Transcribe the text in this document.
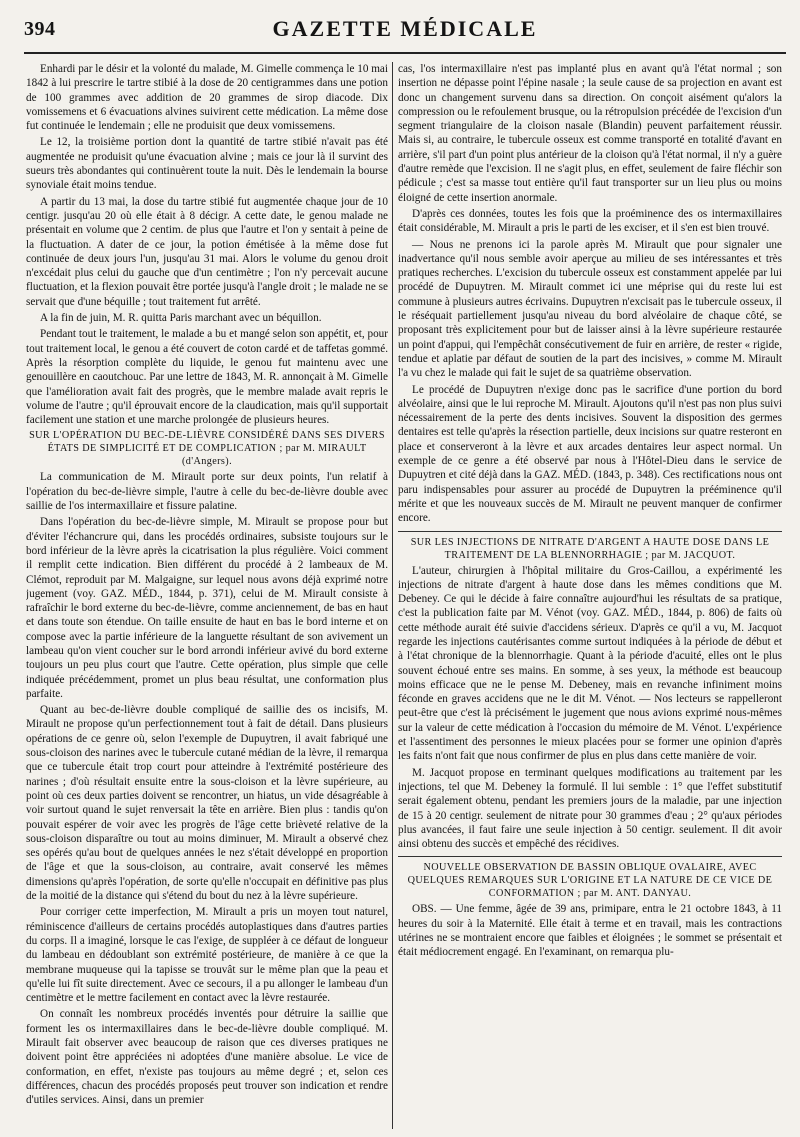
394	GAZETTE MÉDICALE

Enhardi par le désir et la volonté du malade, M. Gimelle commença le 10 mai 1842 à lui prescrire le tartre stibié à la dose de 20 centigrammes dans une potion de 100 grammes avec addition de 20 grammes de sirop diacode. Dix vomissemens et 6 évacuations alvines suivirent cette médication. La même dose fut continuée le lendemain ; elle ne produisit que deux vomissemens.

Le 12, la troisième portion dont la quantité de tartre stibié n'avait pas été augmentée ne produisit qu'une évacuation alvine ; mais ce jour là il survint des sueurs très abondantes qui continuèrent toute la nuit. Dès le lendemain la bourse synoviale était moins tendue.

A partir du 13 mai, la dose du tartre stibié fut augmentée chaque jour de 10 centigr. jusqu'au 20 où elle était à 8 décigr. A cette date, le genou malade ne présentait en volume que 2 centim. de plus que l'autre et l'on y sentait à peine de la fluctuation. A dater de ce jour, la potion émétisée à la même dose fut continuée de deux jours l'un, jusqu'au 31 mai. Alors le volume du genou droit n'excédait plus celui du gauche que d'un centimètre ; l'on n'y percevait aucune fluctuation, et la flexion pouvait être portée jusqu'à l'angle droit ; le malade ne se servait que d'une béquille ; tout traitement fut arrêté.

A la fin de juin, M. R. quitta Paris marchant avec un béquillon.

Pendant tout le traitement, le malade a bu et mangé selon son appétit, et, pour tout traitement local, le genou a été couvert de coton cardé et de taffetas gommé. Après la résorption complète du liquide, le genou fut maintenu avec une genouillère en caoutchouc. Par une lettre de 1843, M. R. annonçait à M. Gimelle que l'amélioration avait fait des progrès, que le membre malade avait repris le volume de l'autre ; qu'il éprouvait encore de la claudication, mais qu'il supportait facilement une station et une marche prolongée de plusieurs heures.

SUR L'OPÉRATION DU BEC-DE-LIÈVRE CONSIDÉRÉ DANS SES DIVERS ÉTATS DE SIMPLICITÉ ET DE COMPLICATION ; par M. MIRAULT (d'Angers).

La communication de M. Mirault porte sur deux points, l'un relatif à l'opération du bec-de-lièvre simple, l'autre à celle du bec-de-lièvre double avec saillie de l'os intermaxillaire et fissure palatine.

Dans l'opération du bec-de-lièvre simple, M. Mirault se propose pour but d'éviter l'échancrure qui, dans les procédés ordinaires, subsiste toujours sur le bord inférieur de la lèvre après la cicatrisation la plus régulière. Voici comment il remplit cette indication. Bien différent du procédé à 2 lambeaux de M. Clémot, reproduit par M. Malgaigne, sur lequel nous avons déjà exprimé notre jugement (voy. GAZ. MÉD., 1844, p. 371), celui de M. Mirault consiste à rafraîchir le bord externe du bec-de-lièvre, comme anciennement, de bas en haut et dans toute son étendue. On taille ensuite de haut en bas le bord interne et on compose avec la partie inférieure de la languette résultant de son avivement un lambeau qu'on vient coucher sur le bord arrondi inférieur avivé du bord externe toujours un peu plus court que l'autre. Cette opération, plus simple que celle indiquée précédemment, promet un plus beau résultat, une conformation plus parfaite.

Quant au bec-de-lièvre double compliqué de saillie des os incisifs, M. Mirault ne propose qu'un perfectionnement tout à fait de détail. Dans plusieurs opérations de ce genre où, selon l'exemple de Dupuytren, il avait fabriqué une sous-cloison des narines avec le tubercule cutané médian de la lèvre, il remarqua que ce tubercule était trop court pour atteindre à l'extrémité postérieure des narines ; d'où résultait ensuite entre la sous-cloison et la lèvre supérieure, au point où ces deux parties doivent se rencontrer, un hiatus, un vide désagréable à voir surtout quand le sujet renversait la tête en arrière. Bien plus : tandis qu'on pouvait espérer de voir avec les progrès de l'âge cette brièveté relative de la sous-cloison disparaître ou tout au moins diminuer, M. Mirault a observé chez ses opérés qu'au bout de quelques années le nez s'était développé en proportion de l'âge et que la sous-cloison, au contraire, avait conservé les mêmes dimensions qu'après l'opération, de sorte qu'elle n'occupait en définitive pas plus de la moitié de la distance qui s'étend du bout du nez à la lèvre supérieure.

Pour corriger cette imperfection, M. Mirault a pris un moyen tout naturel, réminiscence d'ailleurs de certains procédés autoplastiques dans d'autres parties du corps. Il a imaginé, lorsque le cas l'exige, de suppléer à ce défaut de longueur du lambeau en dédoublant son extrémité postérieure, de manière à ce que la membrane muqueuse qui la tapisse se trouvât sur le même plan que la peau et qu'elle lui fît suite directement. Avec ce secours, il a pu allonger le lambeau d'un centimètre et le mettre facilement en contact avec la lèvre restaurée.

On connaît les nombreux procédés inventés pour détruire la saillie que forment les os intermaxillaires dans le bec-de-lièvre double compliqué. M. Mirault fait observer avec beaucoup de raison que ces diverses pratiques ne doivent point être appréciées ni adoptées d'une manière absolue. Le vice de conformation, en effet, n'existe pas toujours au même degré ; et, selon ces différences, chacun des procédés proposés peut trouver son indication et rendre d'utiles services. Ainsi, dans un premier

cas, l'os intermaxillaire n'est pas implanté plus en avant qu'à l'état normal ; son insertion ne dépasse point l'épine nasale ; la seule cause de sa projection en avant est donc un changement survenu dans sa direction. On conçoit aisément qu'alors la compression ou le refoulement brusque, ou la rétropulsion précédée de l'excision d'un segment triangulaire de la cloison nasale (Blandin) peuvent parfaitement réussir. Mais si, au contraire, le tubercule osseux est comme transporté en totalité d'avant en arrière, s'il part d'un point plus antérieur de la cloison qu'à l'état normal, il n'y a guère d'autre remède que l'excision. Il ne s'agit plus, en effet, seulement de faire fléchir son pédicule ; c'est sa masse tout entière qu'il faut transporter sur un lieu plus ou moins éloigné de cette insertion anormale.

D'après ces données, toutes les fois que la proéminence des os intermaxillaires était considérable, M. Mirault a pris le parti de les exciser, et il s'en est bien trouvé.

— Nous ne prenons ici la parole après M. Mirault que pour signaler une inadvertance qu'il nous semble avoir aperçue au milieu de ses intéressantes et très pratiques recherches. L'excision du tubercule osseux est constamment appelée par lui procédé de Dupuytren. M. Mirault commet ici une méprise qui du reste lui est commune à plusieurs autres écrivains. Dupuytren n'excisait pas le tubercule osseux, il le réséquait partiellement jusqu'au niveau du bord alvéolaire de chaque côté, se proposant très explicitement pour but de laisser ainsi à la lèvre supérieure restaurée un point d'appui, qui l'empêchât consécutivement de fuir en arrière, de rester « rigide, tendue et aplatie par défaut de soutien de la part des incisives, » comme M. Mirault l'a vu chez le malade qui fait le sujet de sa quatrième observation.

Le procédé de Dupuytren n'exige donc pas le sacrifice d'une portion du bord alvéolaire, ainsi que le lui reproche M. Mirault. Ajoutons qu'il n'est pas non plus suivi nécessairement de la perte des dents incisives. Souvent la disposition des germes dentaires est telle qu'après la résection partielle, deux incisions sur quatre resteront en place et conserveront à la lèvre et aux arcades dentaires leur aspect normal. Un exemple de ce genre a été observé par nous à l'Hôtel-Dieu dans le service de Dupuytren et cité déjà dans la GAZ. MÉD. (1843, p. 348). Ces rectifications nous ont paru indispensables pour assurer au procédé de Dupuytren la prééminence qu'il mérite et que les nouveaux succès de M. Mirault ne peuvent manquer de confirmer encore.

SUR LES INJECTIONS DE NITRATE D'ARGENT A HAUTE DOSE DANS LE TRAITEMENT DE LA BLENNORRHAGIE ; par M. JACQUOT.

L'auteur, chirurgien à l'hôpital militaire du Gros-Caillou, a expérimenté les injections de nitrate d'argent à haute dose dans les mêmes conditions que M. Debeney. Ce qui le décide à faire connaître aujourd'hui les résultats de sa pratique, c'est la publication faite par M. Vénot (voy. GAZ. MÉD., 1844, p. 806) de faits où cette méthode aurait été suivie d'accidens sérieux. D'après ce qu'il a vu, M. Jacquot regarde les injections cautérisantes comme surtout indiquées à la période de début et à l'état chronique de la blennorrhagie. Quant à la période d'acuité, elles ont le plus souvent échoué entre ses mains. En somme, à ses yeux, la méthode est beaucoup moins efficace que ne le pense M. Debeney, mais en revanche infiniment moins féconde en graves accidens que ne le dit M. Vénot. — Nos lecteurs se rappelleront peut-être que c'est là précisément le jugement que nous avions exprimé nous-mêmes sur la valeur de cette médication à l'occasion du mémoire de M. Vénot. L'expérience et l'assentiment des personnes le mieux placées pour se former une opinion d'après les faits n'ont fait que nous confirmer de plus en plus dans cette manière de voir.

M. Jacquot propose en terminant quelques modifications au traitement par les injections, tel que M. Debeney la formulé. Il lui semble : 1° que l'effet substitutif serait également obtenu, pendant les premiers jours de la maladie, par une injection de 15 à 20 centigr. seulement de nitrate pour 30 grammes d'eau ; 2° qu'aux périodes plus avancées, il faut faire une seule injection à 50 centigr. seulement. Il dit avoir ainsi obtenu des succès et empêché des récidives.

NOUVELLE OBSERVATION DE BASSIN OBLIQUE OVALAIRE, AVEC QUELQUES REMARQUES SUR L'ORIGINE ET LA NATURE DE CE VICE DE CONFORMATION ; par M. ANT. DANYAU.

OBS. — Une femme, âgée de 39 ans, primipare, entra le 21 octobre 1843, à 11 heures du soir à la Maternité. Elle était à terme et en travail, mais les contractions utérines ne se montraient encore que faibles et éloignées ; le sommet se présentait et était médiocrement engagé. En l'examinant, on remarqua plu-
